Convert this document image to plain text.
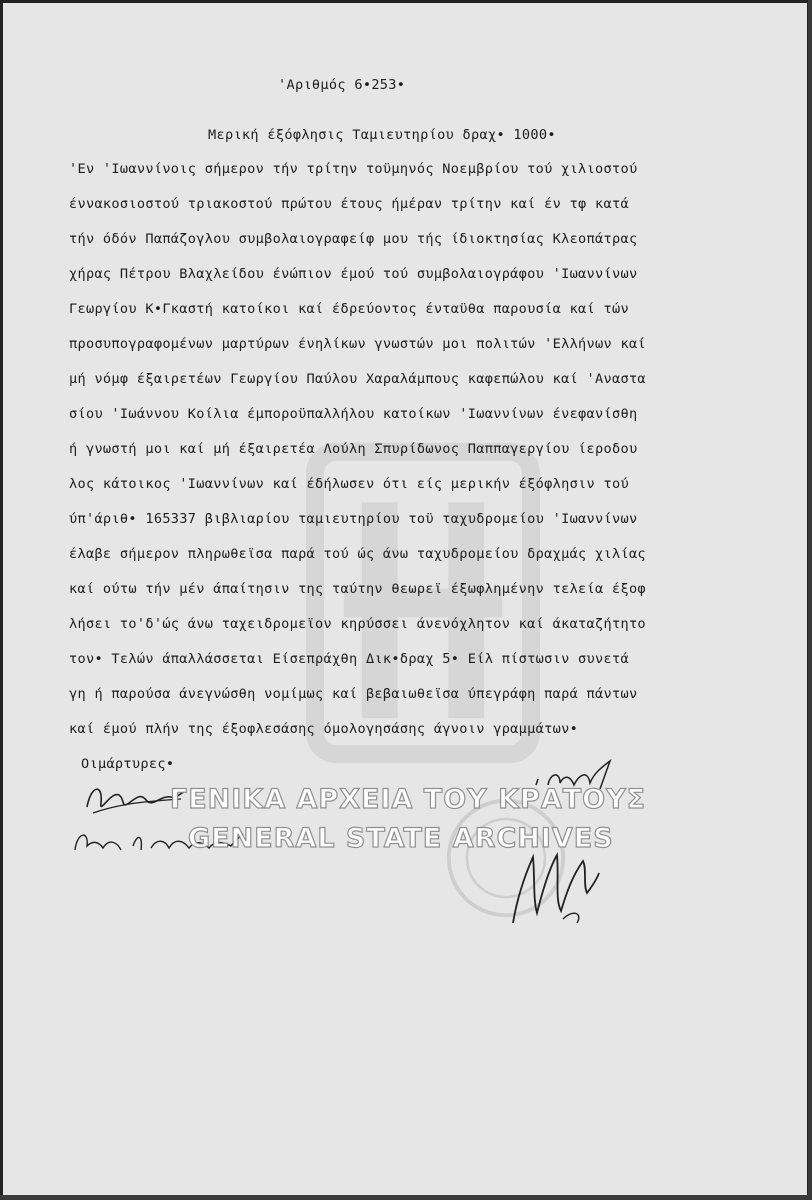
'Αριθμός 6•253•
Μερική έξόφλησις Ταμιευτηρίου δραχ• 1000•
'Εν 'Ιωαννίνοις σήμερον τήν τρίτην τοϋμηνός Νοεμβρίου τού χιλιοστού
έννακοσιοστού τριακοστού πρώτου έτους ήμέραν τρίτην καί έν τφ κατά
τήν όδόν Παπάζογλου συμβολαιογραφείφ μου τής ίδιοκτησίας Κλεοπάτρας
χήρας Πέτρου Βλαχλείδου ένώπιον έμού τού συμβολαιογράφου 'Ιωαννίνων
Γεωργίου Κ•Γκαστή κατοίκοι καί έδρεύοντος ένταϋθα παρουσία καί τών
προσυπογραφομένων μαρτύρων ένηλίκων γνωστών μοι πολιτών 'Ελλήνων καί
μή νόμφ έξαιρετέων Γεωργίου Παύλου Χαραλάμπους καφεπώλου καί 'Αναστα
σίου 'Ιωάννου Κοίλια έμποροϋπαλλήλου κατοίκων 'Ιωαννίνων ένεφανίσθη
ή γνωστή μοι καί μή έξαιρετέα Λούλη Σπυρίδωνος Παππαγεργίου ίεροδου
λος κάτοικος 'Ιωαννίνων καί έδήλωσεν ότι είς μερικήν έξόφλησιν τού
ύπ'άριθ• 165337 βιβλιαρίου ταμιευτηρίου τοϋ ταχυδρομείου 'Ιωαννίνων
έλαβε σήμερον πληρωθεϊσα παρά τού ώς άνω ταχυδρομείου δραχμάς χιλίας
καί ούτω τήν μέν άπαίτησιν της ταύτην θεωρεϊ έξωφλημένην τελεία έξοφ
λήσει το'δ'ώς άνω ταχειδρομεϊον κηρύσσει άνενόχλητον καί άκαταζήτητο
τον• Τελών άπαλλάσσεται Είσεπράχθη Δικ•δραχ 5• Είλ πίστωσιν συνετά
γη ή παρούσα άνεγνώσθη νομίμως καί βεβαιωθεϊσα ύπεγράφη παρά πάντων
καί έμού πλήν της έξοφλεσάσης όμολογησάσης άγνοιν γραμμάτων•
Οιμάρτυρες•
ΓΕΝΙΚΑ ΑΡΧΕΙΑ ΤΟΥ ΚΡΑΤΟΥΣ
GENERAL STATE ARCHIVES
